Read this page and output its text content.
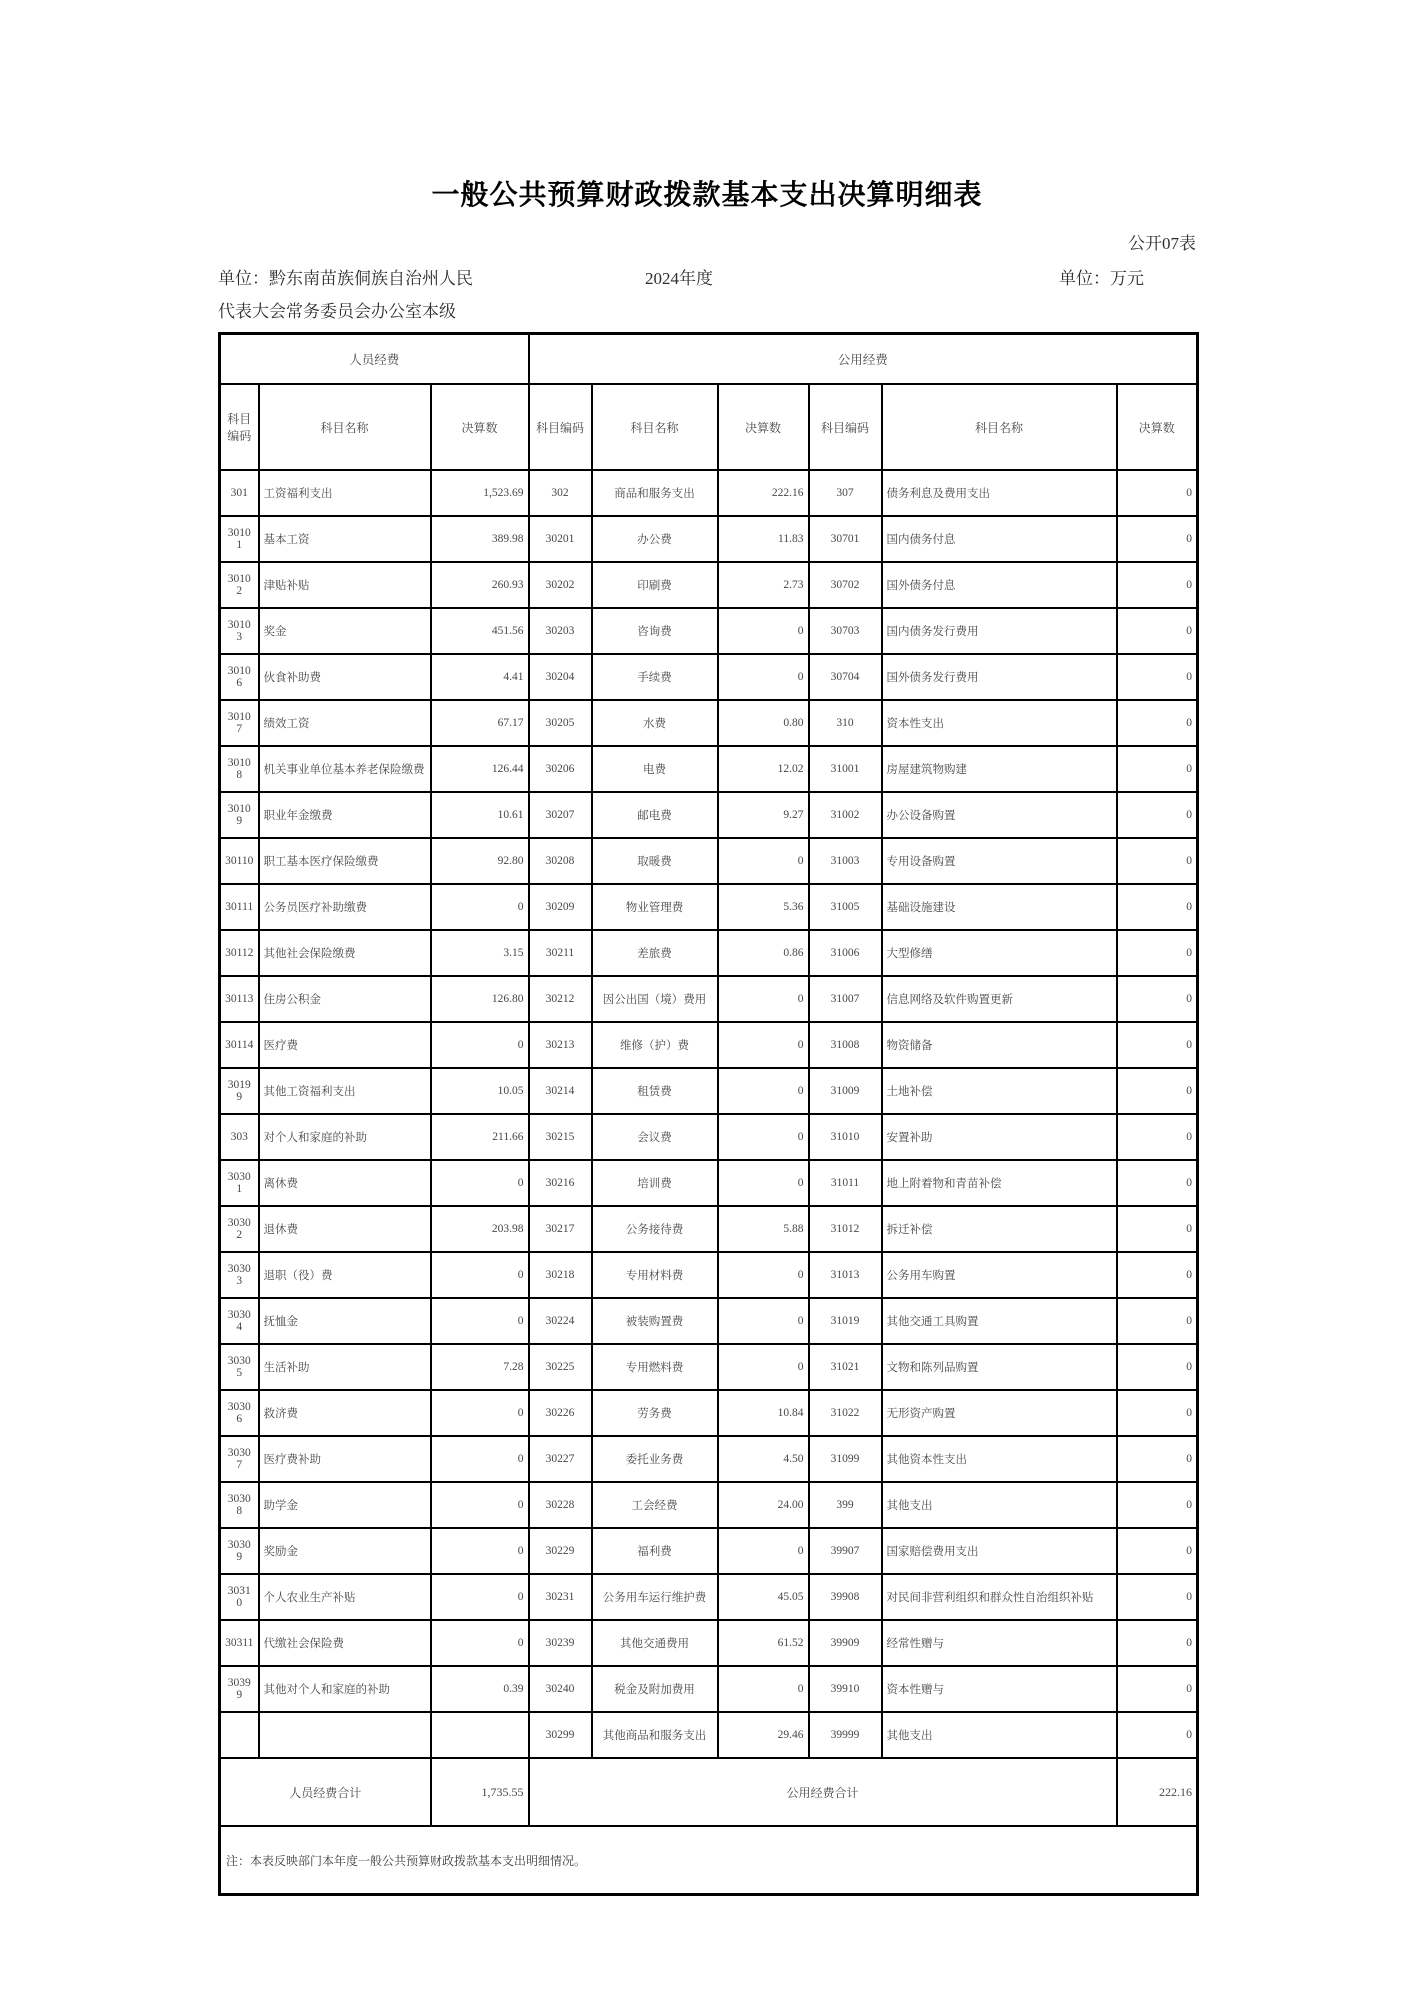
一般公共预算财政拨款基本支出决算明细表
公开07表
单位：黔东南苗族侗族自治州人民代表大会常务委员会办公室本级
2024年度	单位：万元
人员经费			公用经费					
科目编码	科目名称	决算数	科目编码	科目名称	决算数	科目编码	科目名称	决算数
301	工资福利支出	1,523.69	302	商品和服务支出	222.16	307	债务利息及费用支出	0
30101	基本工资	389.98	30201	办公费	11.83	30701	国内债务付息	0
30102	津贴补贴	260.93	30202	印刷费	2.73	30702	国外债务付息	0
30103	奖金	451.56	30203	咨询费	0	30703	国内债务发行费用	0
30106	伙食补助费	4.41	30204	手续费	0	30704	国外债务发行费用	0
30107	绩效工资	67.17	30205	水费	0.80	310	资本性支出	0
30108	机关事业单位基本养老保险缴费	126.44	30206	电费	12.02	31001	房屋建筑物购建	0
30109	职业年金缴费	10.61	30207	邮电费	9.27	31002	办公设备购置	0
30110	职工基本医疗保险缴费	92.80	30208	取暖费	0	31003	专用设备购置	0
30111	公务员医疗补助缴费	0	30209	物业管理费	5.36	31005	基础设施建设	0
30112	其他社会保险缴费	3.15	30211	差旅费	0.86	31006	大型修缮	0
30113	住房公积金	126.80	30212	因公出国（境）费用	0	31007	信息网络及软件购置更新	0
30114	医疗费	0	30213	维修（护）费	0	31008	物资储备	0
30199	其他工资福利支出	10.05	30214	租赁费	0	31009	土地补偿	0
303	对个人和家庭的补助	211.66	30215	会议费	0	31010	安置补助	0
30301	离休费	0	30216	培训费	0	31011	地上附着物和青苗补偿	0
30302	退休费	203.98	30217	公务接待费	5.88	31012	拆迁补偿	0
30303	退职（役）费	0	30218	专用材料费	0	31013	公务用车购置	0
30304	抚恤金	0	30224	被装购置费	0	31019	其他交通工具购置	0
30305	生活补助	7.28	30225	专用燃料费	0	31021	文物和陈列品购置	0
30306	救济费	0	30226	劳务费	10.84	31022	无形资产购置	0
30307	医疗费补助	0	30227	委托业务费	4.50	31099	其他资本性支出	0
30308	助学金	0	30228	工会经费	24.00	399	其他支出	0
30309	奖励金	0	30229	福利费	0	39907	国家赔偿费用支出	0
30310	个人农业生产补贴	0	30231	公务用车运行维护费	45.05	39908	对民间非营利组织和群众性自治组织补贴	0
30311	代缴社会保险费	0	30239	其他交通费用	61.52	39909	经常性赠与	0
30399	其他对个人和家庭的补助	0.39	30240	税金及附加费用	0	39910	资本性赠与	0
			30299	其他商品和服务支出	29.46	39999	其他支出	0
人员经费合计		1,735.55	公用经费合计					222.16
注：本表反映部门本年度一般公共预算财政拨款基本支出明细情况。								
